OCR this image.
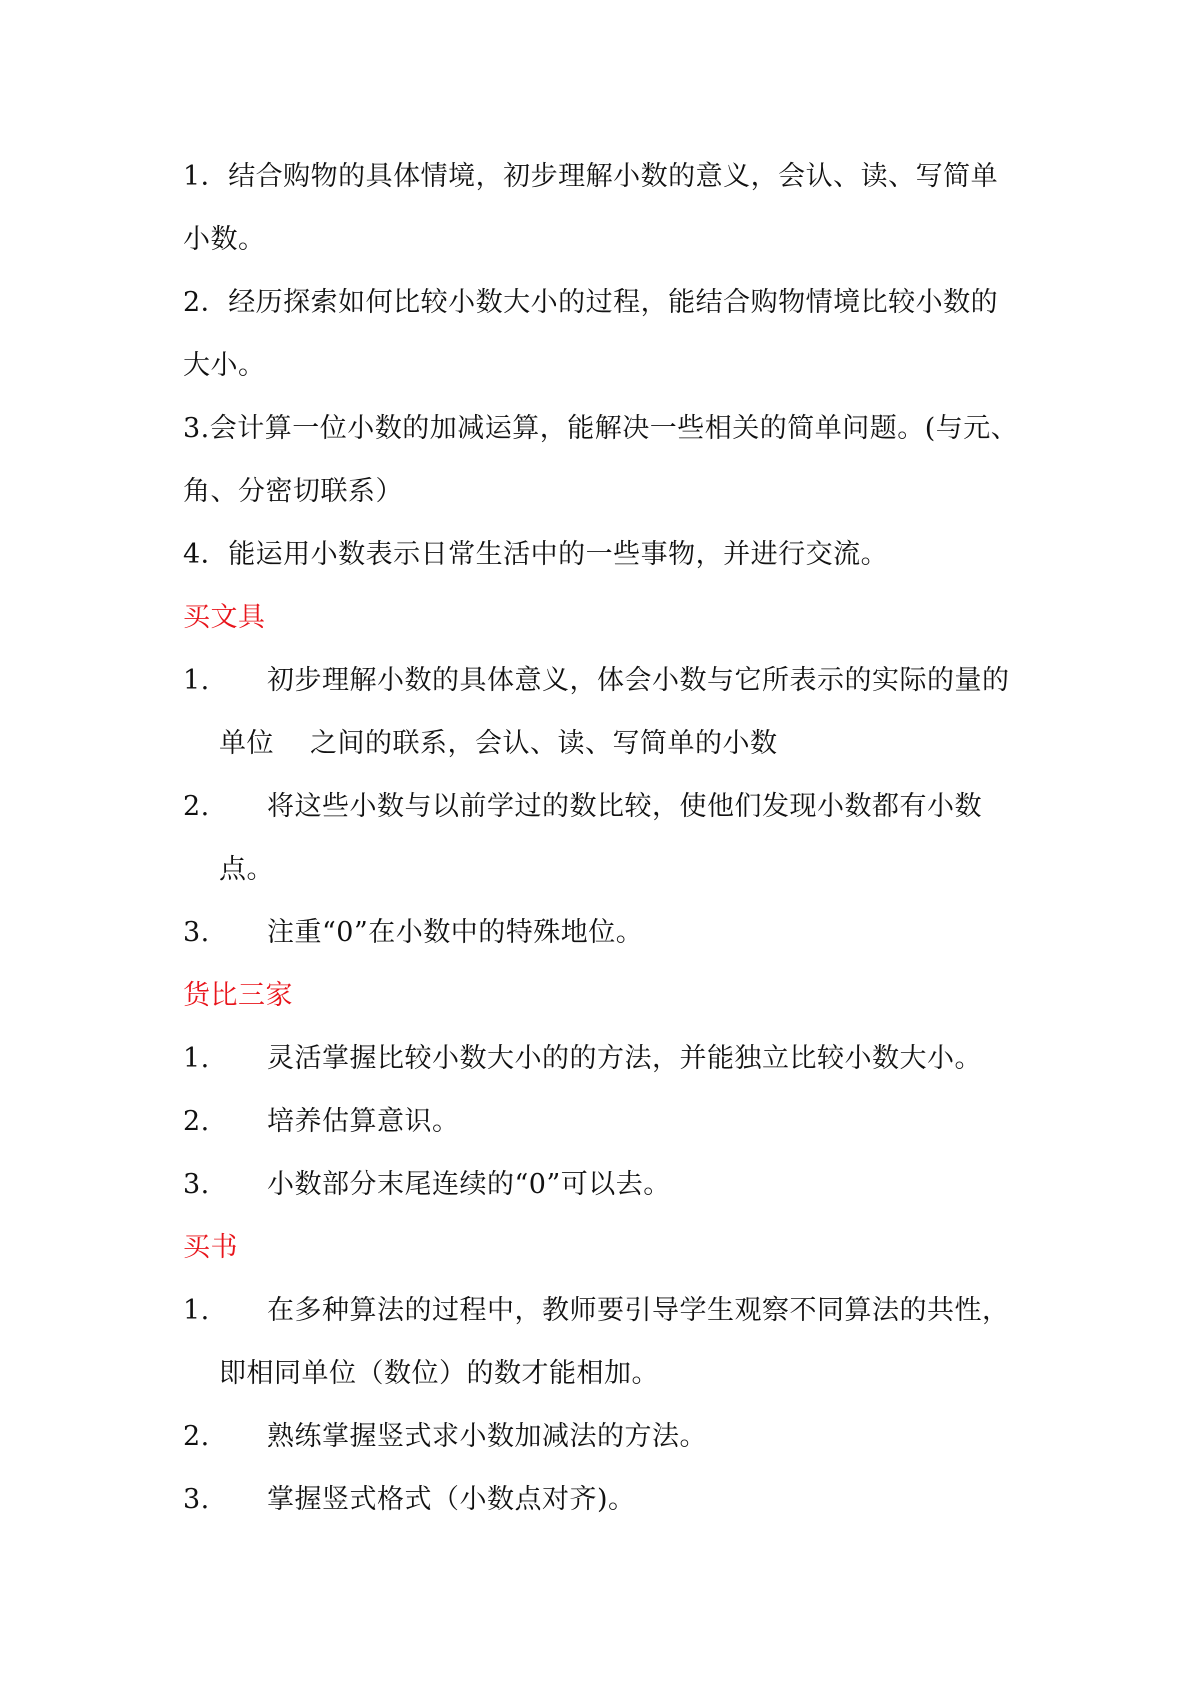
1．结合购物的具体情境，初步理解小数的意义，会认、读、写简单
小数。
2．经历探索如何比较小数大小的过程，能结合购物情境比较小数的
大小。
3.会计算一位小数的加减运算，能解决一些相关的简单问题。(与元、
角、分密切联系）
4．能运用小数表示日常生活中的一些事物，并进行交流。
买文具
1.	初步理解小数的具体意义，体会小数与它所表示的实际的量的
单位 之间的联系，会认、读、写简单的小数
2.	将这些小数与以前学过的数比较，使他们发现小数都有小数
点。
3.	注重“0”在小数中的特殊地位。
货比三家
1.	灵活掌握比较小数大小的的方法，并能独立比较小数大小。
2.	培养估算意识。
3.	小数部分末尾连续的“0”可以去。
买书
1.	在多种算法的过程中，教师要引导学生观察不同算法的共性，
即相同单位（数位）的数才能相加。
2.	熟练掌握竖式求小数加减法的方法。
3.	掌握竖式格式（小数点对齐)。
